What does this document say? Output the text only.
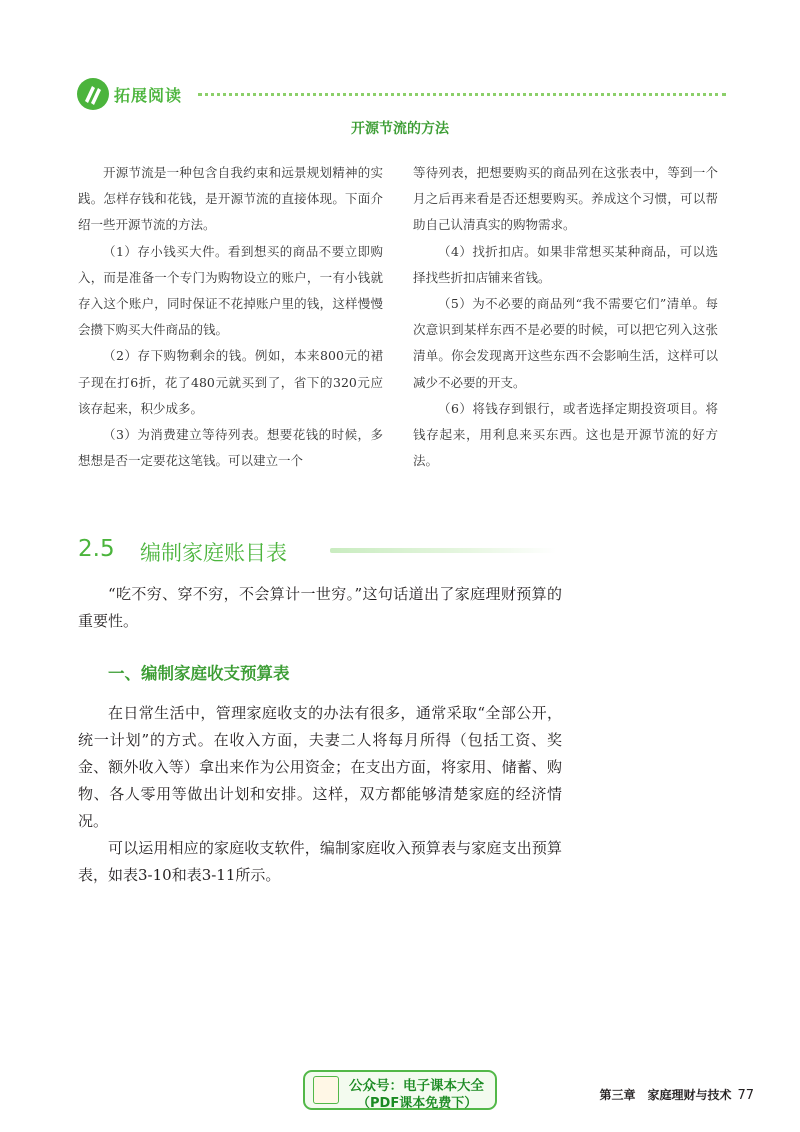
拓展阅读
开源节流的方法

开源节流是一种包含自我约束和远景规划精神的实践。怎样存钱和花钱，是开源节流的直接体现。下面介绍一些开源节流的方法。

（1）存小钱买大件。看到想买的商品不要立即购入，而是准备一个专门为购物设立的账户，一有小钱就存入这个账户，同时保证不花掉账户里的钱，这样慢慢会攒下购买大件商品的钱。

（2）存下购物剩余的钱。例如，本来800元的裙子现在打6折，花了480元就买到了，省下的320元应该存起来，积少成多。

（3）为消费建立等待列表。想要花钱的时候，多想想是否一定要花这笔钱。可以建立一个

等待列表，把想要购买的商品列在这张表中，等到一个月之后再来看是否还想要购买。养成这个习惯，可以帮助自己认清真实的购物需求。

（4）找折扣店。如果非常想买某种商品，可以选择找些折扣店铺来省钱。

（5）为不必要的商品列“我不需要它们”清单。每次意识到某样东西不是必要的时候，可以把它列入这张清单。你会发现离开这些东西不会影响生活，这样可以减少不必要的开支。

（6）将钱存到银行，或者选择定期投资项目。将钱存起来，用利息来买东西。这也是开源节流的好方法。

2.5 编制家庭账目表

“吃不穷、穿不穷，不会算计一世穷。”这句话道出了家庭理财预算的重要性。

一、编制家庭收支预算表

在日常生活中，管理家庭收支的办法有很多，通常采取“全部公开，统一计划”的方式。在收入方面，夫妻二人将每月所得（包括工资、奖金、额外收入等）拿出来作为公用资金；在支出方面，将家用、储蓄、购物、各人零用等做出计划和安排。这样，双方都能够清楚家庭的经济情况。

可以运用相应的家庭收支软件，编制家庭收入预算表与家庭支出预算表，如表3-10和表3-11所示。

公众号：电子课本大全
（PDF课本免费下）
第三章　家庭理财与技术 77
